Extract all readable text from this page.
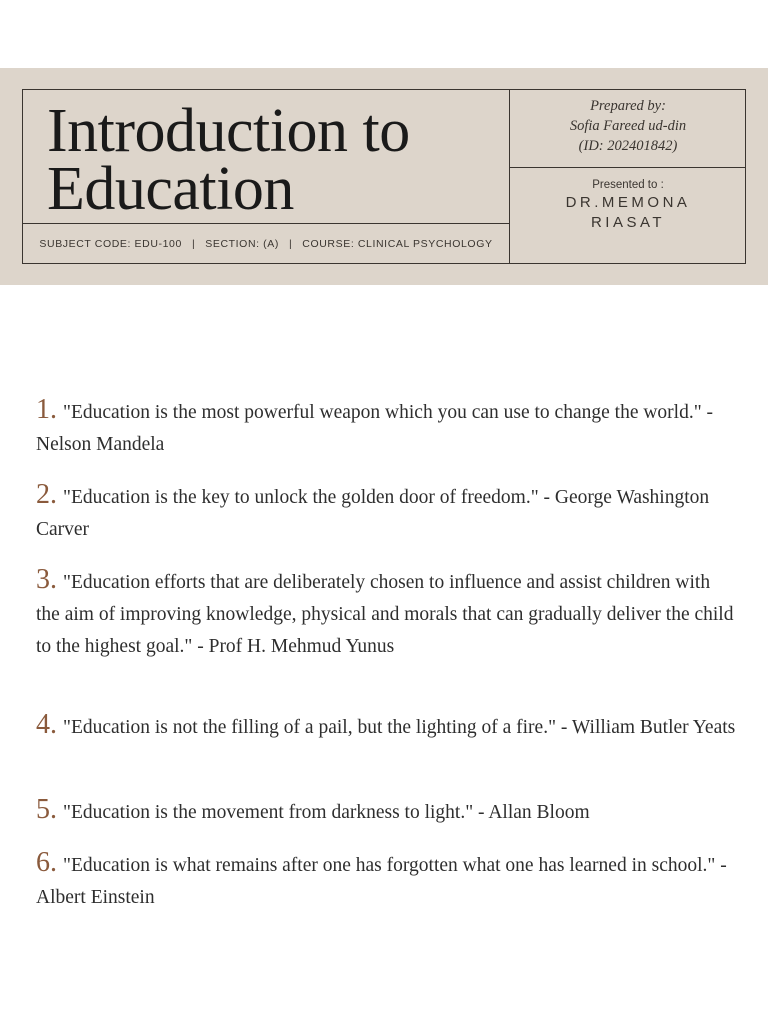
Introduction to
Education
SUBJECT CODE: EDU-100 | SECTION: (A) | COURSE: CLINICAL PSYCHOLOGY
Prepared by:
Sofia Fareed ud-din
(ID: 202401842)
Presented to :
DR.MEMONA
RIASAT
1. "Education is the most powerful weapon which you can use to change the world." - Nelson Mandela
2. "Education is the key to unlock the golden door of freedom." - George Washington Carver
3. "Education efforts that are deliberately chosen to influence and assist children with the aim of improving knowledge, physical and morals that can gradually deliver the child to the highest goal." - Prof H. Mehmud Yunus
4. "Education is not the filling of a pail, but the lighting of a fire." - William Butler Yeats
5. "Education is the movement from darkness to light." - Allan Bloom
6. "Education is what remains after one has forgotten what one has learned in school." -Albert Einstein
